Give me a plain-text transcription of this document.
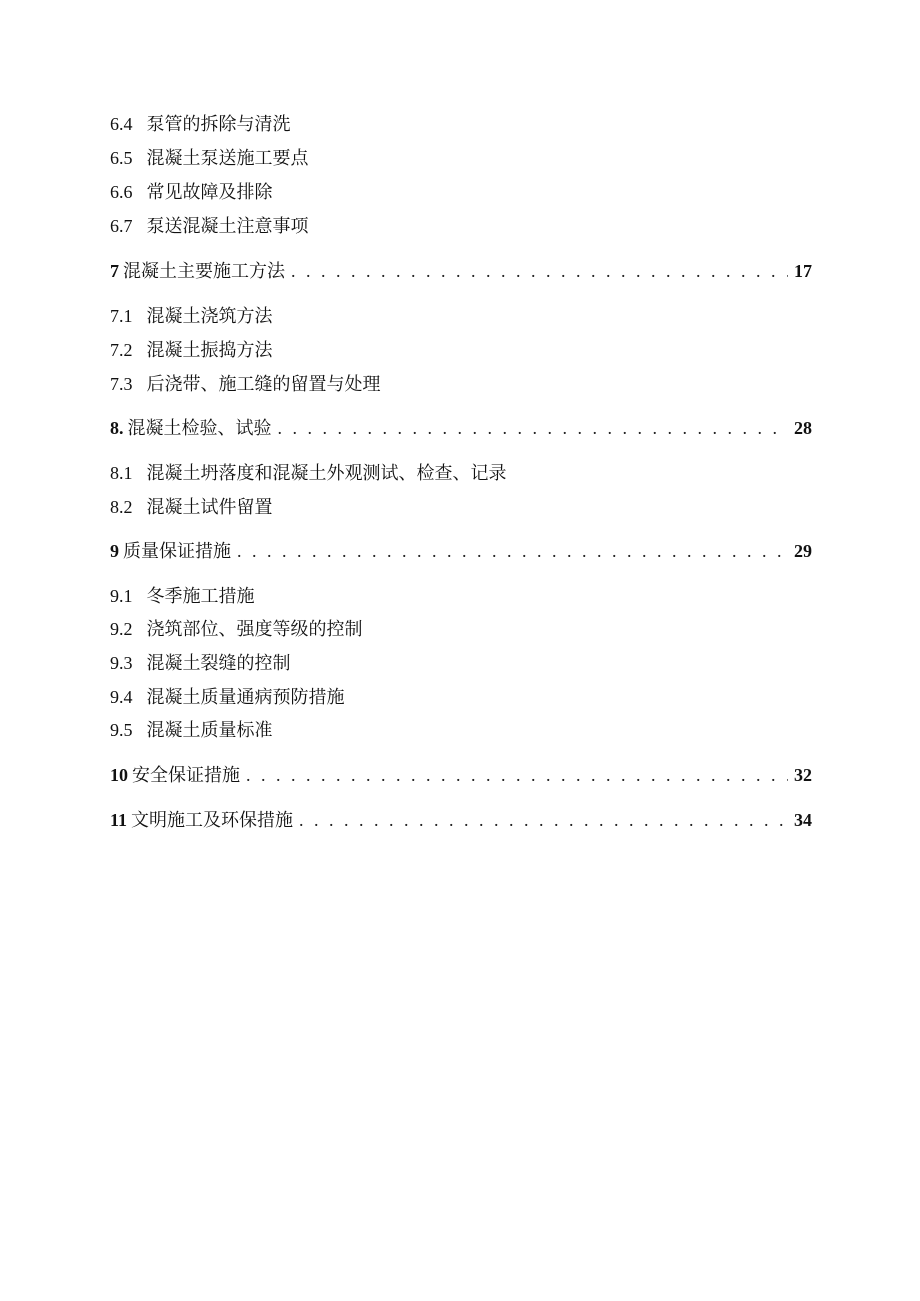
6.4 泵管的拆除与清洗
6.5 混凝土泵送施工要点
6.6 常见故障及排除
6.7 泵送混凝土注意事项
7 混凝土主要施工方法 . . .	17
7.1 混凝土浇筑方法
7.2 混凝土振捣方法
7.3 后浇带、施工缝的留置与处理
8. 混凝土检验、试验 . . .	28
8.1 混凝土坍落度和混凝土外观测试、检查、记录
8.2 混凝土试件留置
9 质量保证措施 . . .	29
9.1 冬季施工措施
9.2 浇筑部位、强度等级的控制
9.3 混凝土裂缝的控制
9.4 混凝土质量通病预防措施
9.5 混凝土质量标准
10 安全保证措施 . . .	32
11 文明施工及环保措施 . . .	34
